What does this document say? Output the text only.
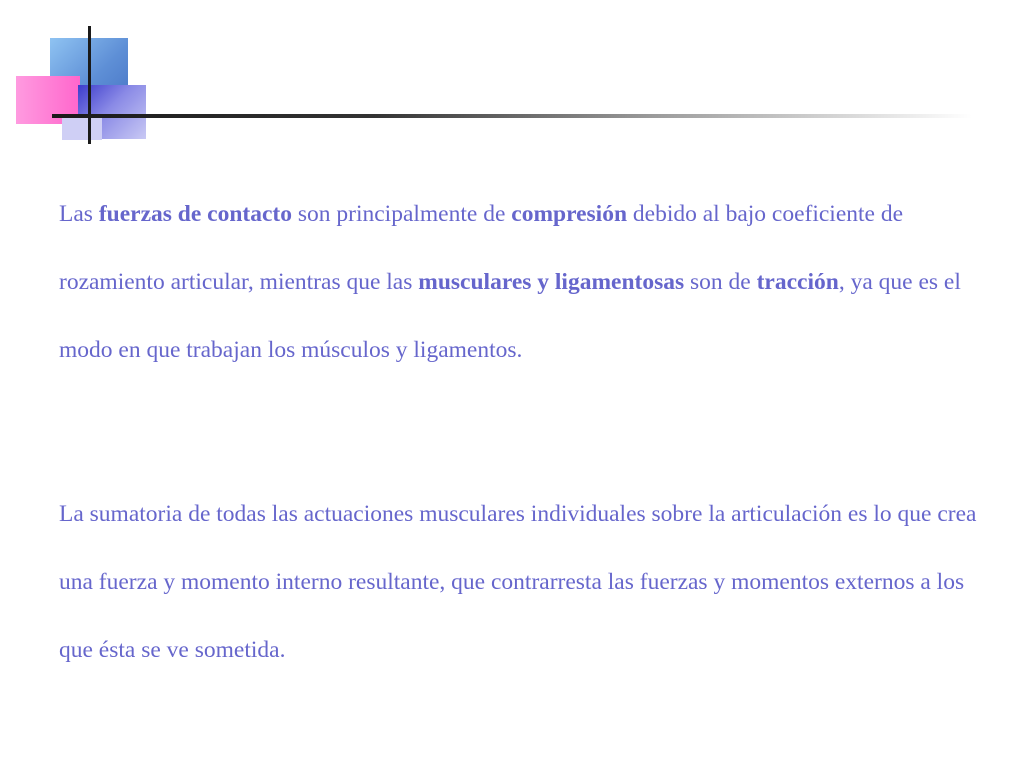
Las fuerzas de contacto son principalmente de compresión debido al bajo coeficiente de rozamiento articular, mientras que las musculares y ligamentosas son de tracción, ya que es el modo en que trabajan los músculos y ligamentos.

La sumatoria de todas las actuaciones musculares individuales sobre la articulación es lo que crea una fuerza y momento interno resultante, que contrarresta las fuerzas y momentos externos a los que ésta se ve sometida.
